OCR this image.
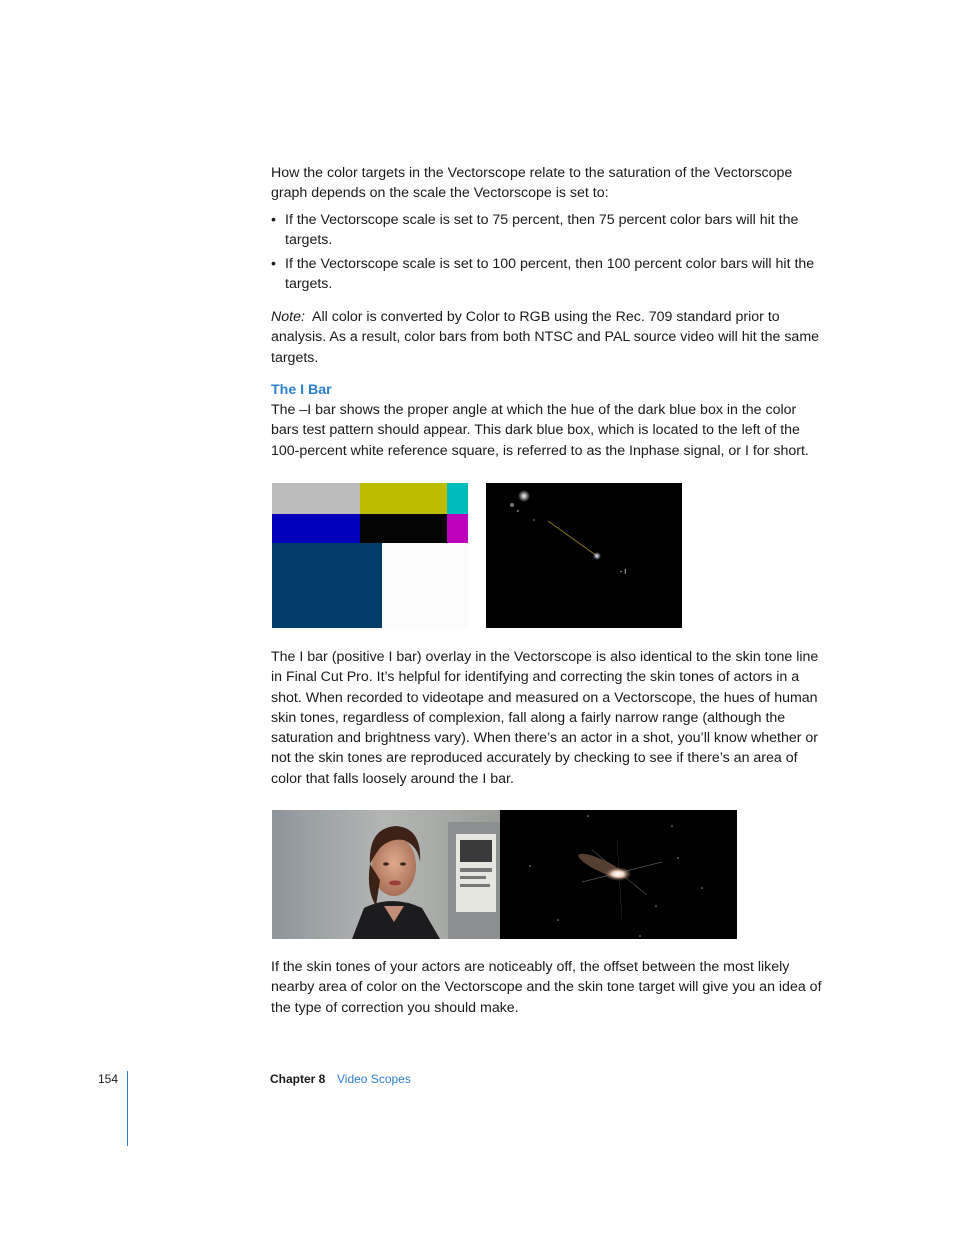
How the color targets in the Vectorscope relate to the saturation of the Vectorscope graph depends on the scale the Vectorscope is set to:

• If the Vectorscope scale is set to 75 percent, then 75 percent color bars will hit the targets.
• If the Vectorscope scale is set to 100 percent, then 100 percent color bars will hit the targets.

Note: All color is converted by Color to RGB using the Rec. 709 standard prior to analysis. As a result, color bars from both NTSC and PAL source video will hit the same targets.

The I Bar

The –I bar shows the proper angle at which the hue of the dark blue box in the color bars test pattern should appear. This dark blue box, which is located to the left of the 100-percent white reference square, is referred to as the Inphase signal, or I for short.

- I

The I bar (positive I bar) overlay in the Vectorscope is also identical to the skin tone line in Final Cut Pro. It’s helpful for identifying and correcting the skin tones of actors in a shot. When recorded to videotape and measured on a Vectorscope, the hues of human skin tones, regardless of complexion, fall along a fairly narrow range (although the saturation and brightness vary). When there’s an actor in a shot, you’ll know whether or not the skin tones are reproduced accurately by checking to see if there’s an area of color that falls loosely around the I bar.

If the skin tones of your actors are noticeably off, the offset between the most likely nearby area of color on the Vectorscope and the skin tone target will give you an idea of the type of correction you should make.

154	Chapter 8 Video Scopes
